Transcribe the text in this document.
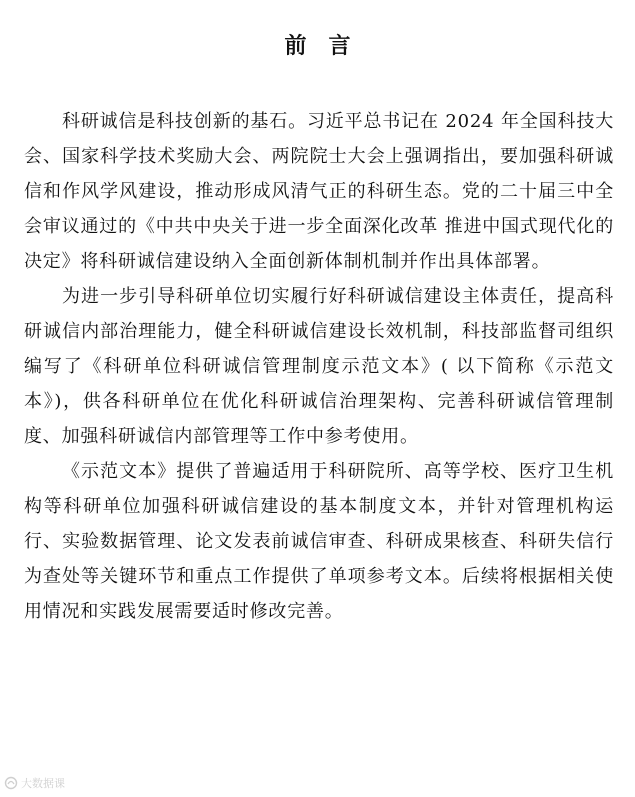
前言

科研诚信是科技创新的基石。习近平总书记在 2024 年全国科技大会、国家科学技术奖励大会、两院院士大会上强调指出，要加强科研诚信和作风学风建设，推动形成风清气正的科研生态。党的二十届三中全会审议通过的《中共中央关于进一步全面深化改革 推进中国式现代化的决定》将科研诚信建设纳入全面创新体制机制并作出具体部署。

为进一步引导科研单位切实履行好科研诚信建设主体责任，提高科研诚信内部治理能力，健全科研诚信建设长效机制，科技部监督司组织编写了《科研单位科研诚信管理制度示范文本》( 以下简称《示范文本》)，供各科研单位在优化科研诚信治理架构、完善科研诚信管理制度、加强科研诚信内部管理等工作中参考使用。

《示范文本》提供了普遍适用于科研院所、高等学校、医疗卫生机构等科研单位加强科研诚信建设的基本制度文本，并针对管理机构运行、实验数据管理、论文发表前诚信审查、科研成果核查、科研失信行为查处等关键环节和重点工作提供了单项参考文本。后续将根据相关使用情况和实践发展需要适时修改完善。

大数据课
